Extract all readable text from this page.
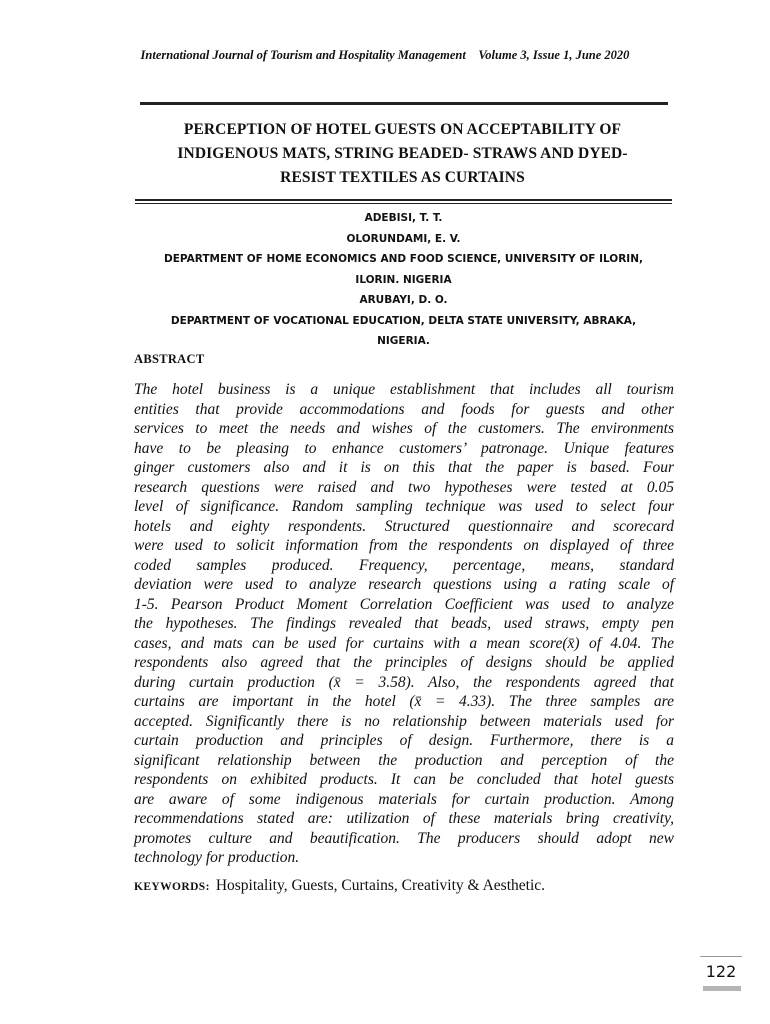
International Journal of Tourism and Hospitality Management Volume 3, Issue 1, June 2020
PERCEPTION OF HOTEL GUESTS ON ACCEPTABILITY OF
INDIGENOUS MATS, STRING BEADED- STRAWS AND DYED-
RESIST TEXTILES AS CURTAINS
ADEBISI, T. T.
OLORUNDAMI, E. V.
DEPARTMENT OF HOME ECONOMICS AND FOOD SCIENCE, UNIVERSITY OF ILORIN,
ILORIN. NIGERIA
ARUBAYI, D. O.
DEPARTMENT OF VOCATIONAL EDUCATION, DELTA STATE UNIVERSITY, ABRAKA,
NIGERIA.
ABSTRACT
The hotel business is a unique establishment that includes all tourism
entities that provide accommodations and foods for guests and other
services to meet the needs and wishes of the customers. The environments
have to be pleasing to enhance customers’ patronage. Unique features
ginger customers also and it is on this that the paper is based. Four
research questions were raised and two hypotheses were tested at 0.05
level of significance. Random sampling technique was used to select four
hotels and eighty respondents. Structured questionnaire and scorecard
were used to solicit information from the respondents on displayed of three
coded samples produced. Frequency, percentage, means, standard
deviation were used to analyze research questions using a rating scale of
1-5. Pearson Product Moment Correlation Coefficient was used to analyze
the hypotheses. The findings revealed that beads, used straws, empty pen
cases, and mats can be used for curtains with a mean score(x̄) of 4.04. The
respondents also agreed that the principles of designs should be applied
during curtain production (x̄ = 3.58). Also, the respondents agreed that
curtains are important in the hotel (x̄ = 4.33). The three samples are
accepted. Significantly there is no relationship between materials used for
curtain production and principles of design. Furthermore, there is a
significant relationship between the production and perception of the
respondents on exhibited products. It can be concluded that hotel guests
are aware of some indigenous materials for curtain production. Among
recommendations stated are: utilization of these materials bring creativity,
promotes culture and beautification. The producers should adopt new
technology for production.
KEYWORDS: Hospitality, Guests, Curtains, Creativity & Aesthetic.
122
